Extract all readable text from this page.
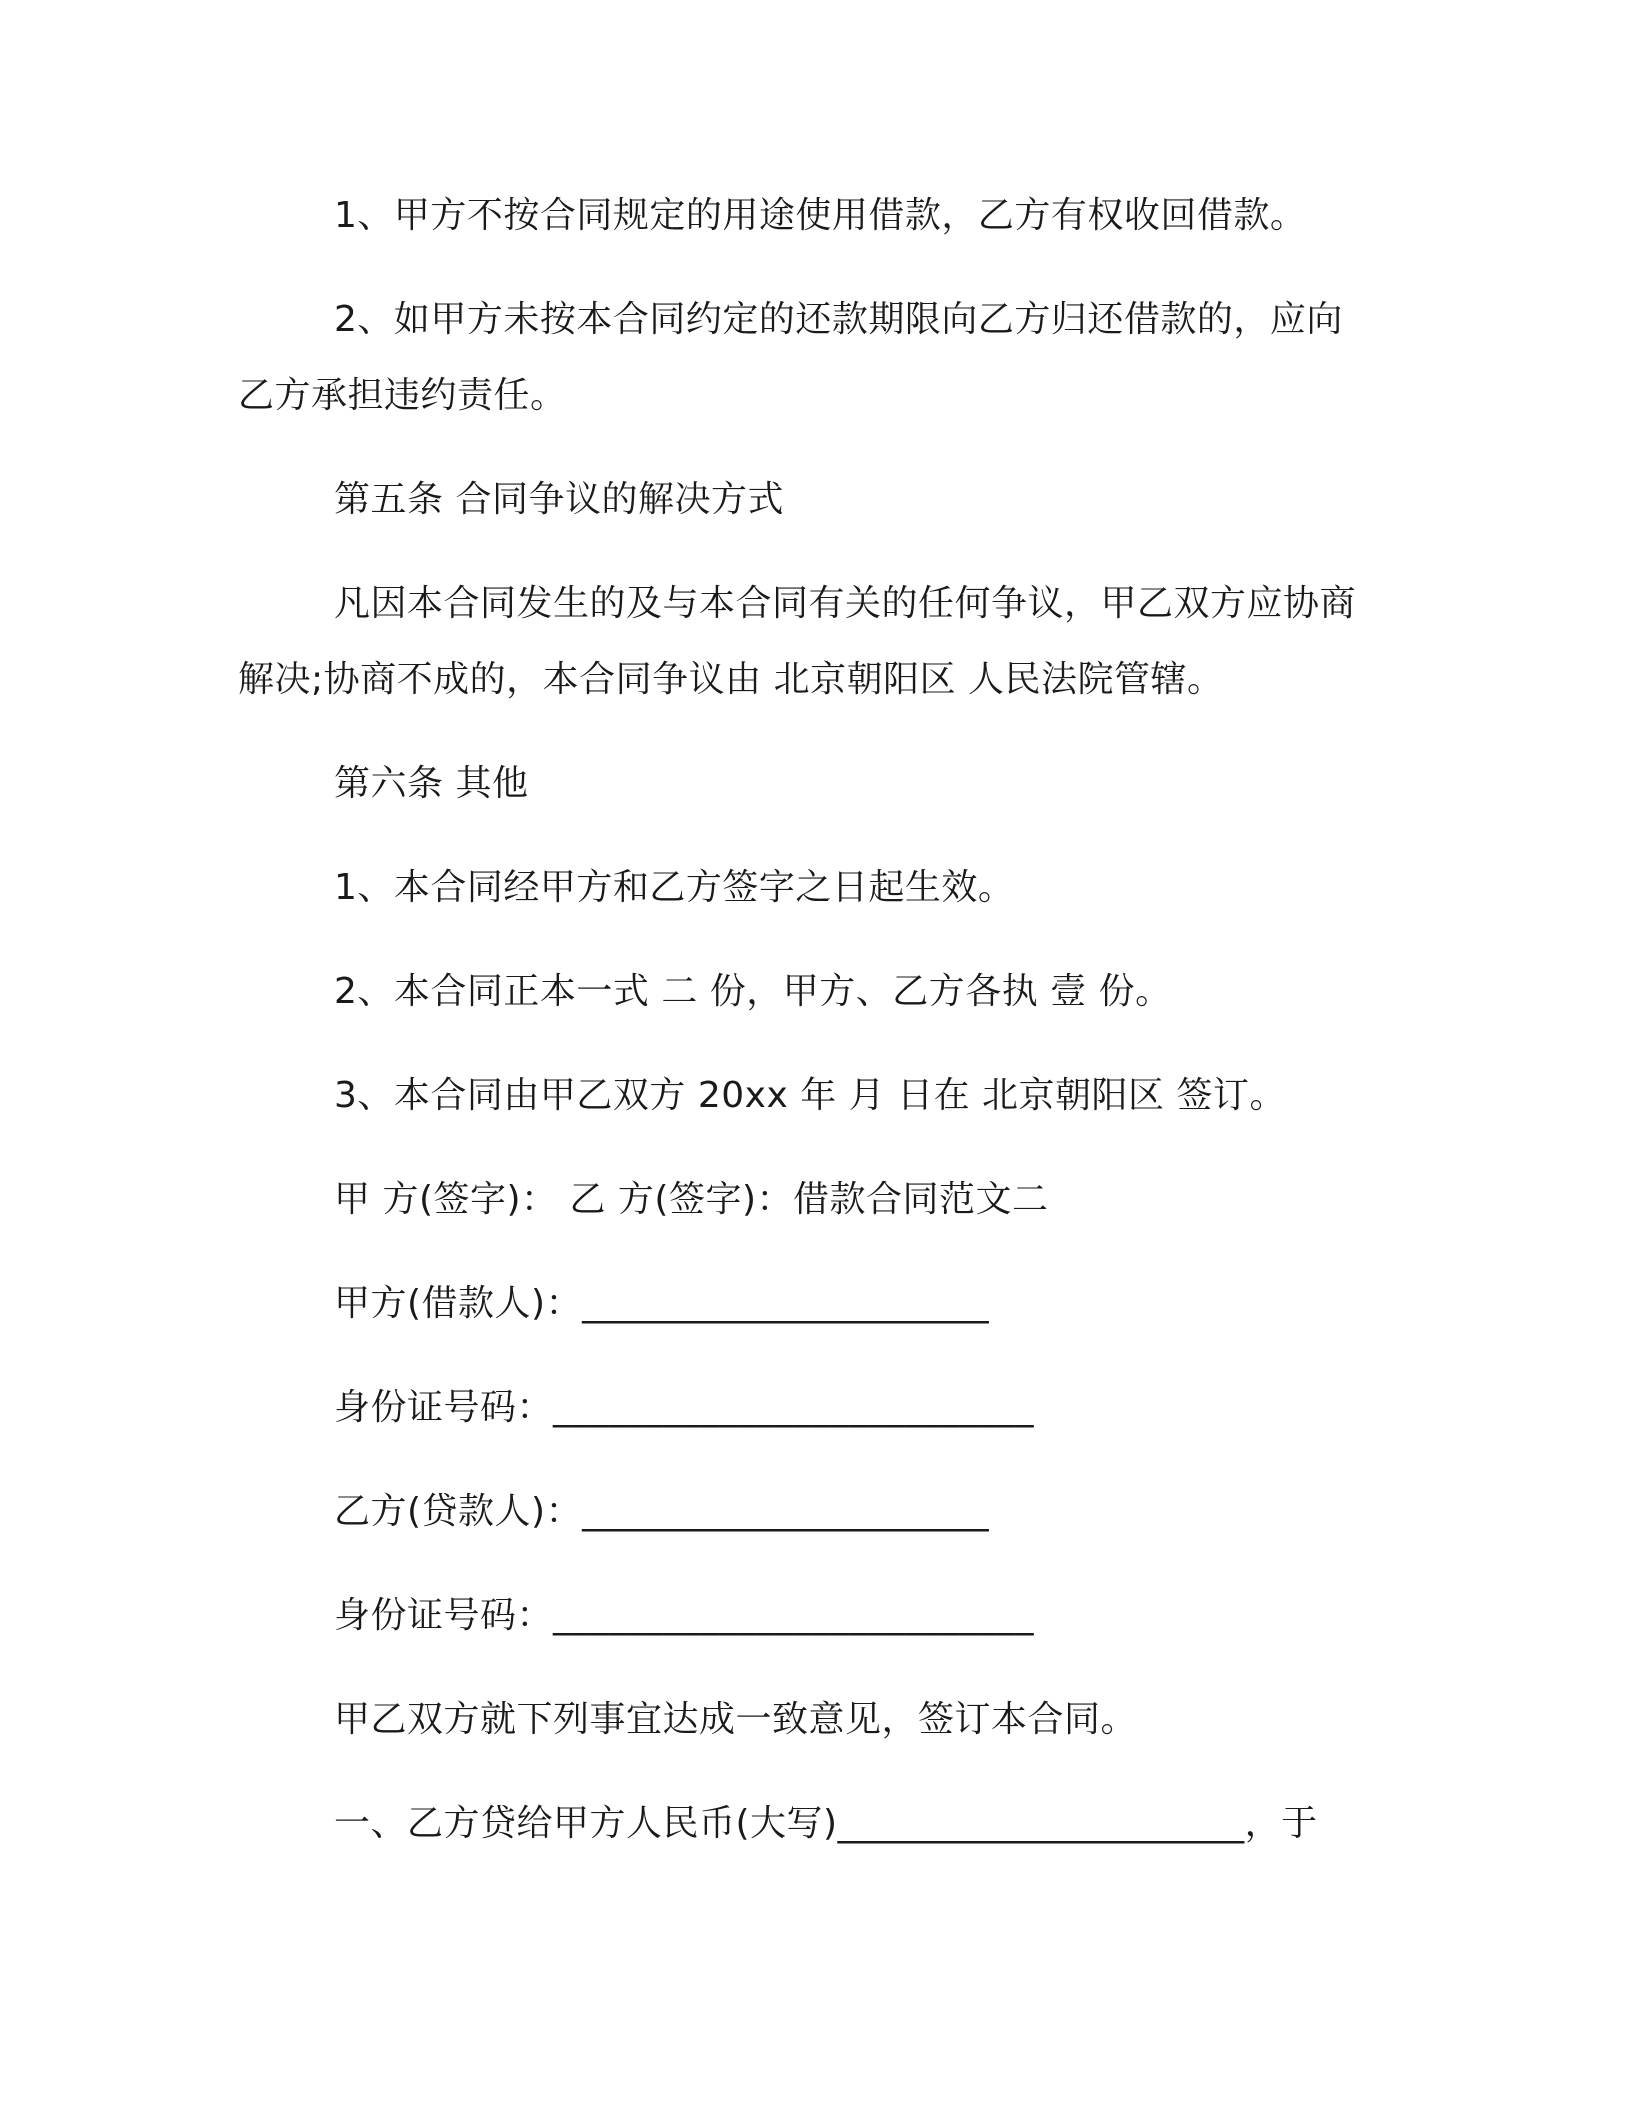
1、甲方不按合同规定的用途使用借款，乙方有权收回借款。
2、如甲方未按本合同约定的还款期限向乙方归还借款的，应向
乙方承担违约责任。
第五条 合同争议的解决方式
凡因本合同发生的及与本合同有关的任何争议，甲乙双方应协商
解决;协商不成的，本合同争议由 北京朝阳区 人民法院管辖。
第六条 其他
1、本合同经甲方和乙方签字之日起生效。
2、本合同正本一式 二 份，甲方、乙方各执 壹 份。
3、本合同由甲乙双方 20xx 年 月 日在 北京朝阳区 签订。
甲 方(签字)： 乙 方(签字)：借款合同范文二
甲方(借款人)：______________________
身份证号码：__________________________
乙方(贷款人)：______________________
身份证号码：__________________________
甲乙双方就下列事宜达成一致意见，签订本合同。
一、乙方贷给甲方人民币(大写)______________________，于
